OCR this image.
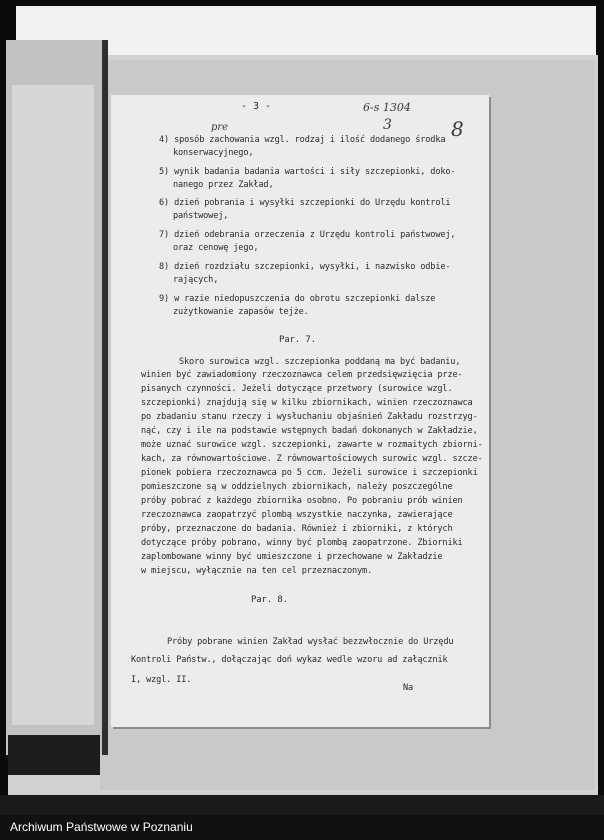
- 3 -	6-s 1304
3	8
pre
4) sposób zachowania wzgl. rodzaj i ilość dodanego środka
konserwacyjnego,
5) wynik badania badania wartości i siły szczepionki, doko-
nanego przez Zakład,
6) dzień pobrania i wysyłki szczepionki do Urzędu kontroli
państwowej,
7) dzień odebrania orzeczenia z Urzędu kontroli państwowej,
oraz cenowę jego,
8) dzień rozdziału szczepionki, wysyłki, i nazwisko odbie-
rających,
9) w razie niedopuszczenia do obrotu szczepionki dalsze
zużytkowanie zapasów tejże.
Par. 7.
Skoro surowica wzgl. szczepionka poddaną ma być badaniu,
winien być zawiadomiony rzeczoznawca celem przedsięwzięcia prze-
pisanych czynności. Jeżeli dotyczące przetwory (surowice wzgl.
szczepionki) znajdują się w kilku zbiornikach, winien rzeczoznawca
po zbadaniu stanu rzeczy i wysłuchaniu objaśnień Zakładu rozstrzyg-
nąć, czy i ile na podstawie wstępnych badań dokonanych w Zakładzie,
może uznać surowice wzgl. szczepionki, zawarte w rozmaitych zbiorni-
kach, za równowartościowe. Z równowartościowych surowic wzgl. szcze-
pionek pobiera rzeczoznawca po 5 ccm. Jeżeli surowice i szczepionki
pomieszczone są w oddzielnych zbiornikach, należy poszczególne
próby pobrać z każdego zbiornika osobno. Po pobraniu prób winien
rzeczoznawca zaopatrzyć plombą wszystkie naczynka, zawierające
próby, przeznaczone do badania. Również i zbiorniki, z których
dotyczące próby pobrano, winny być plombą zaopatrzone. Zbiorniki
zaplombowane winny być umieszczone i przechowane w Zakładzie
w miejscu, wyłącznie na ten cel przeznaczonym.
Par. 8.
Próby pobrane winien Zakład wysłać bezzwłocznie do Urzędu
Kontroli Państw., dołączając doń wykaz wedle wzoru ad załącznik
I, wzgl. II.
Na
Archiwum Państwowe w Poznaniu
